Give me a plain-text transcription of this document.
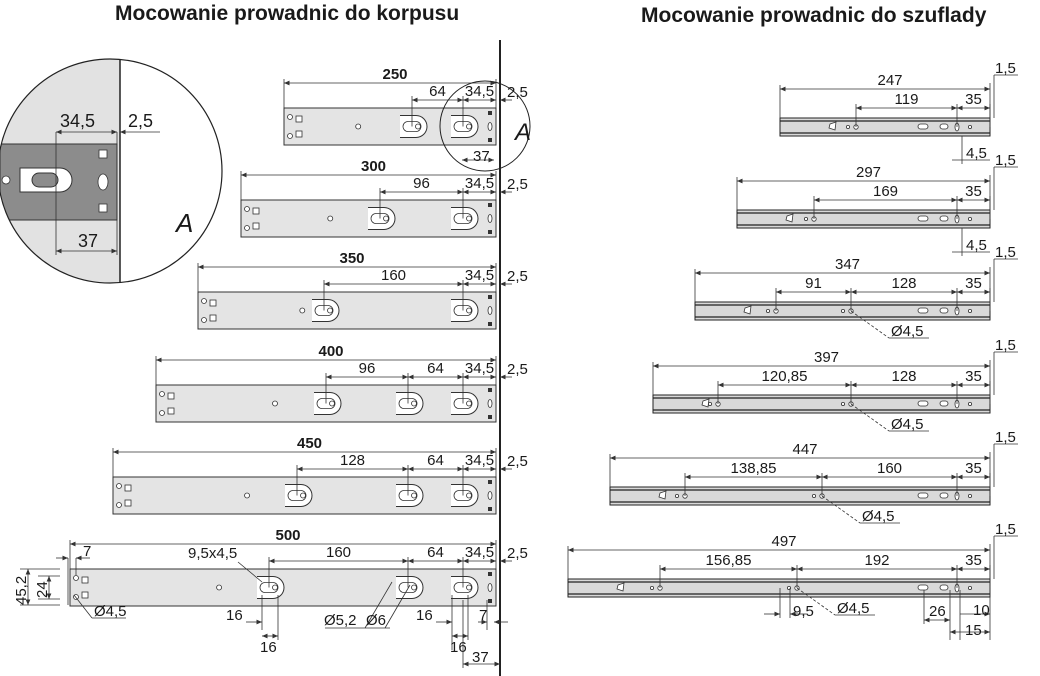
Mocowanie prowadnic do korpusu	Mocowanie prowadnic do szuflady
34,5 2,5
37
A
250
64 34,5 2,5
300
96 34,5 2,5
350
160	34,5 2,5
400
96	64 34,5 2,5
450
128	64 34,5 2,5
500
160	64 34,5 2,5
247
119	35
1,5
4,5
297
169	35
1,5
4,5
347
91	128	35
1,5
Ø4,5
397
120,85	128	35
1,5
Ø4,5
447
138,85	160	35
1,5
Ø4,5
497
156,85	192	35
1,5
Ø4,5
37
A
7	9,5x4,5
45,2 24
Ø4,5	16
16
Ø5,2 Ø6 16
16
7
37
9,5	26 10
15
